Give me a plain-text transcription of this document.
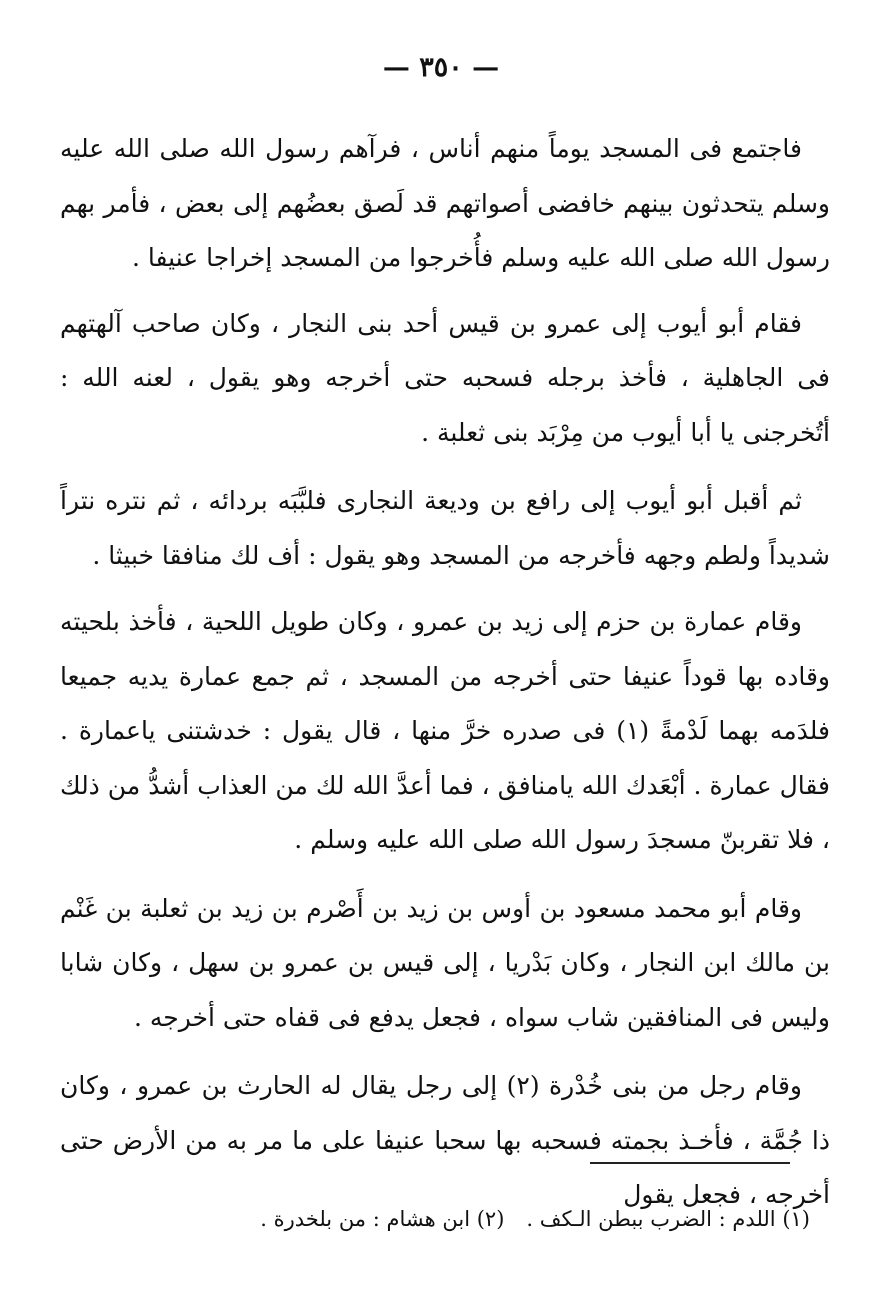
— ٣٥٠ —

فاجتمع فى المسجد يوماً منهم أناس ، فرآهم رسول الله صلى الله عليه وسلم يتحدثون بينهم خافضى أصواتهم قد لَصق بعضُهم إلى بعض ، فأمر بهم رسول الله صلى الله عليه وسلم فأُخرجوا من المسجد إخراجا عنيفا .

فقام أبو أيوب إلى عمرو بن قيس أحد بنى النجار ، وكان صاحب آلهتهم فى الجاهلية ، فأخذ برجله فسحبه حتى أخرجه وهو يقول ، لعنه الله : أتُخرجنى يا أبا أيوب من مِرْبَد بنى ثعلبة .

ثم أقبل أبو أيوب إلى رافع بن وديعة النجارى فلبَّبَه بردائه ، ثم نتره نتراً شديداً ولطم وجهه فأخرجه من المسجد وهو يقول : أف لك منافقا خبيثا .

وقام عمارة بن حزم إلى زيد بن عمرو ، وكان طويل اللحية ، فأخذ بلحيته وقاده بها قوداً عنيفا حتى أخرجه من المسجد ، ثم جمع عمارة يديه جميعا فلدَمه بهما لَدْمةً (١) فى صدره خرَّ منها ، قال يقول : خدشتنى ياعمارة . فقال عمارة . أبْعَدك الله يامنافق ، فما أعدَّ الله لك من العذاب أشدُّ من ذلك ، فلا تقربنّ مسجدَ رسول الله صلى الله عليه وسلم .

وقام أبو محمد مسعود بن أوس بن زيد بن أَصْرم بن زيد بن ثعلبة بن غَنْم بن مالك ابن النجار ، وكان بَدْريا ، إلى قيس بن عمرو بن سهل ، وكان شابا وليس فى المنافقين شاب سواه ، فجعل يدفع فى قفاه حتى أخرجه .

وقام رجل من بنى خُدْرة (٢) إلى رجل يقال له الحارث بن عمرو ، وكان ذا جُمَّة ، فأخـذ بجمته فسحبه بها سحبا عنيفا على ما مر به من الأرض حتى أخرجه ، فجعل يقول

(١) اللدم : الضرب ببطن الـكف .(٢) ابن هشام : من بلخدرة .
